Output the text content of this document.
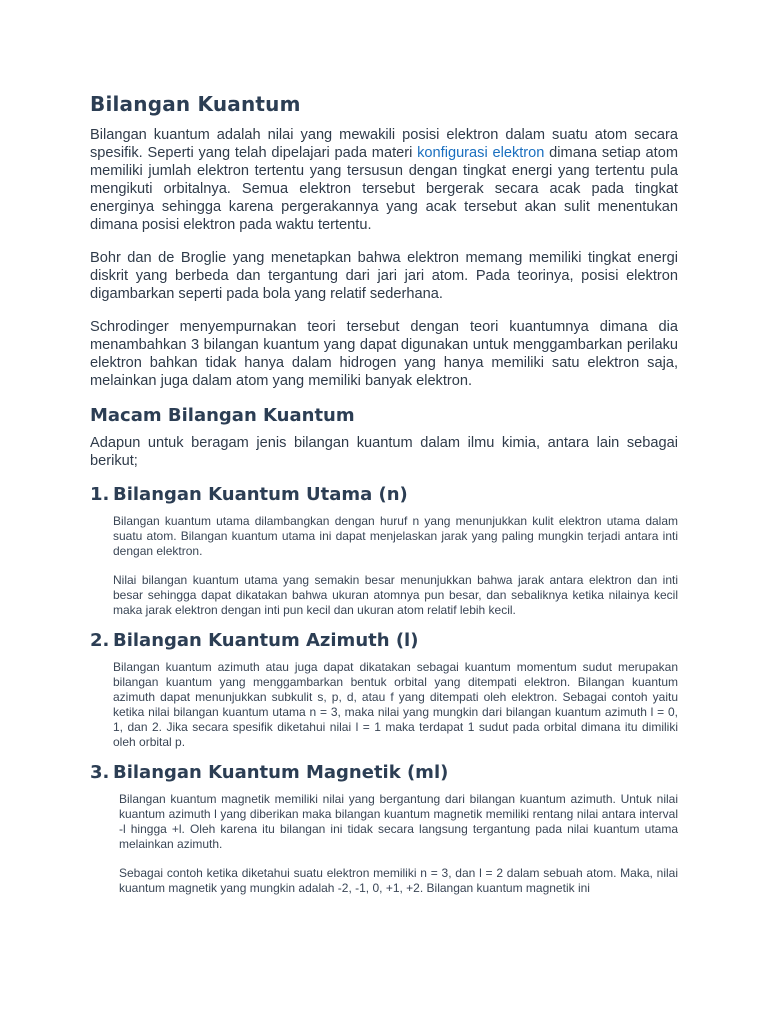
Bilangan Kuantum

Bilangan kuantum adalah nilai yang mewakili posisi elektron dalam suatu atom secara spesifik. Seperti yang telah dipelajari pada materi konfigurasi elektron dimana setiap atom memiliki jumlah elektron tertentu yang tersusun dengan tingkat energi yang tertentu pula mengikuti orbitalnya. Semua elektron tersebut bergerak secara acak pada tingkat energinya sehingga karena pergerakannya yang acak tersebut akan sulit menentukan dimana posisi elektron pada waktu tertentu.

Bohr dan de Broglie yang menetapkan bahwa elektron memang memiliki tingkat energi diskrit yang berbeda dan tergantung dari jari jari atom. Pada teorinya, posisi elektron digambarkan seperti pada bola yang relatif sederhana.

Schrodinger menyempurnakan teori tersebut dengan teori kuantumnya dimana dia menambahkan 3 bilangan kuantum yang dapat digunakan untuk menggambarkan perilaku elektron bahkan tidak hanya dalam hidrogen yang hanya memiliki satu elektron saja, melainkan juga dalam atom yang memiliki banyak elektron.

Macam Bilangan Kuantum

Adapun untuk beragam jenis bilangan kuantum dalam ilmu kimia, antara lain sebagai berikut;

1. Bilangan Kuantum Utama (n)

Bilangan kuantum utama dilambangkan dengan huruf n yang menunjukkan kulit elektron utama dalam suatu atom. Bilangan kuantum utama ini dapat menjelaskan jarak yang paling mungkin terjadi antara inti dengan elektron.

Nilai bilangan kuantum utama yang semakin besar menunjukkan bahwa jarak antara elektron dan inti besar sehingga dapat dikatakan bahwa ukuran atomnya pun besar, dan sebaliknya ketika nilainya kecil maka jarak elektron dengan inti pun kecil dan ukuran atom relatif lebih kecil.

2. Bilangan Kuantum Azimuth (l)

Bilangan kuantum azimuth atau juga dapat dikatakan sebagai kuantum momentum sudut merupakan bilangan kuantum yang menggambarkan bentuk orbital yang ditempati elektron. Bilangan kuantum azimuth dapat menunjukkan subkulit s, p, d, atau f yang ditempati oleh elektron. Sebagai contoh yaitu ketika nilai bilangan kuantum utama n = 3, maka nilai yang mungkin dari bilangan kuantum azimuth l = 0, 1, dan 2. Jika secara spesifik diketahui nilai l = 1 maka terdapat 1 sudut pada orbital dimana itu dimiliki oleh orbital p.

3. Bilangan Kuantum Magnetik (ml)

Bilangan kuantum magnetik memiliki nilai yang bergantung dari bilangan kuantum azimuth. Untuk nilai kuantum azimuth l yang diberikan maka bilangan kuantum magnetik memiliki rentang nilai antara interval -l hingga +l. Oleh karena itu bilangan ini tidak secara langsung tergantung pada nilai kuantum utama melainkan azimuth.

Sebagai contoh ketika diketahui suatu elektron memiliki n = 3, dan l = 2 dalam sebuah atom. Maka, nilai kuantum magnetik yang mungkin adalah -2, -1, 0, +1, +2. Bilangan kuantum magnetik ini
